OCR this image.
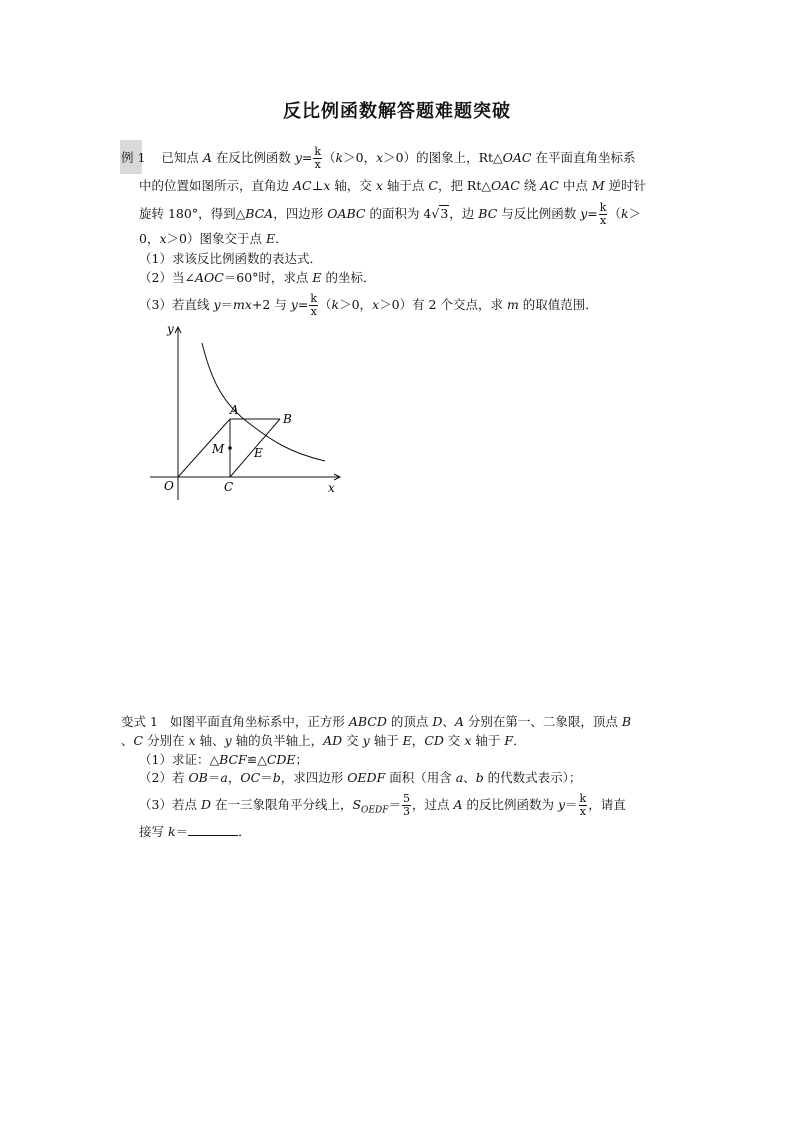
反比例函数解答题难题突破
例 1 已知点 A 在反比例函数 $y= \frac{k}{x} (k>0$，x＞0）的图象上，Rt△OAC 在平面直角坐标系
中的位置如图所示，直角边 AC⊥x 轴，交 x 轴于点 C，把 Rt△OAC 绕 AC 中点 M 逆时针
旋转 180°，得到△BCA，四边形 OABC 的面积为 4√3，边 BC 与反比例函数 $y= \frac{k}{x} (k>$
0，x＞0）图象交于点 E．
（1）求该反比例函数的表达式．
（2）当∠AOC＝60°时，求点 E 的坐标．
（3）若直线 y＝mx+2 与 $y= \frac{k}{x} (k>0$，x＞0）有 2 个交点，求 m 的取值范围．
y
x
O	C
A
B
M E
变式 1 如图平面直角坐标系中，正方形 ABCD 的顶点 D、A 分别在第一、二象限，顶点 B
、C 分别在 x 轴、y 轴的负半轴上，AD 交 y 轴于 E，CD 交 x 轴于 F．
（1）求证：△BCF≌△CDE；
（2）若 OB＝a，OC＝b，求四边形 OEDF 面积（用含 a、b 的代数式表示）；
（3）若点 D 在一三象限角平分线上，$S_{OEDF}= \frac{5}{3}$ ，过点 A 的反比例函数为 $y= \frac{k}{x}$ ，请直
接写 k＝	．
